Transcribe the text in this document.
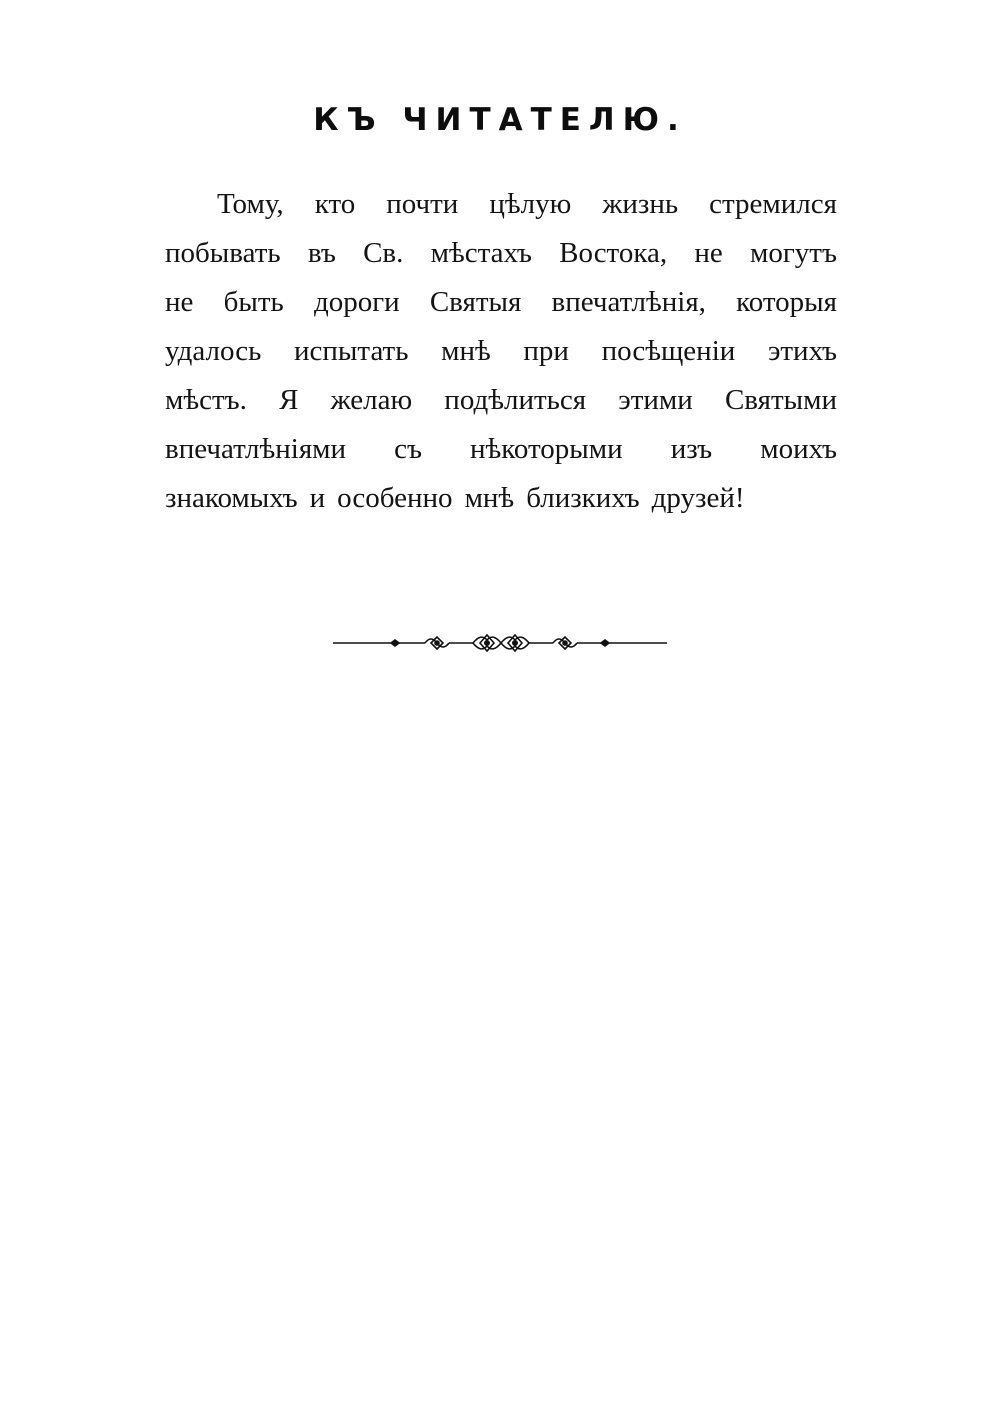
КЪ ЧИТАТЕЛЮ.
Тому, кто почти цѣлую жизнь стремился
побывать въ Св. мѣстахъ Востока, не могутъ
не быть дороги Святыя впечатлѣнія, которыя
удалось испытать мнѣ при посѣщеніи этихъ
мѣстъ. Я желаю подѣлиться этими Святыми
впечатлѣніями съ нѣкоторыми изъ моихъ
знакомыхъ и особенно мнѣ близкихъ друзей!
